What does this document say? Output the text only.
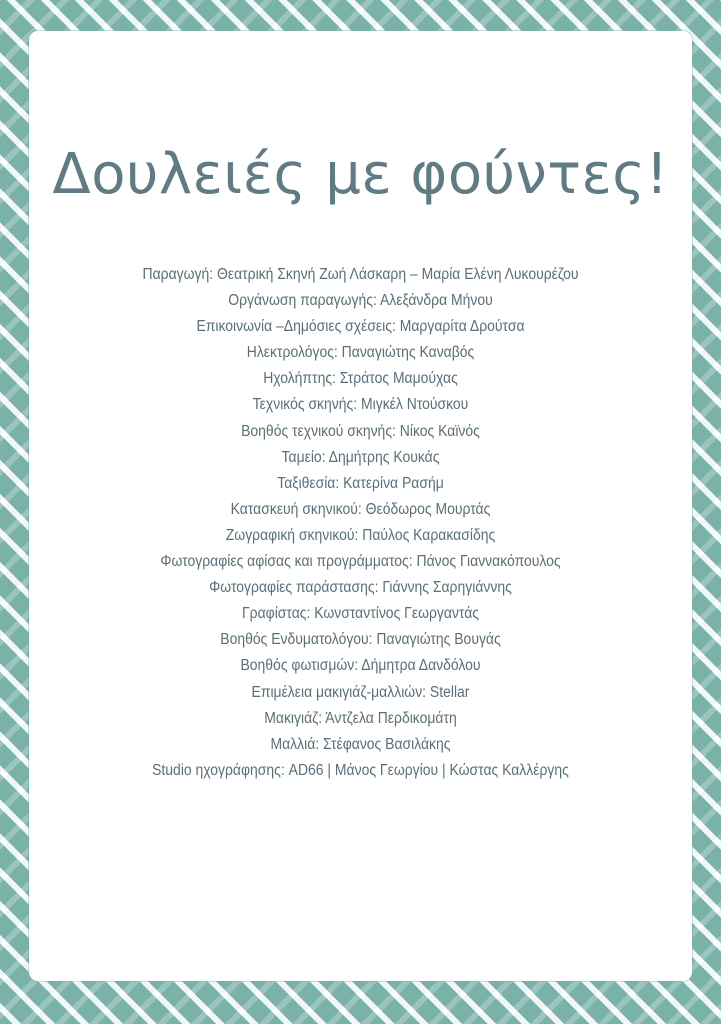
Δουλειές με φούντες!
Παραγωγή: Θεατρική Σκηνή Ζωή Λάσκαρη – Μαρία Ελένη Λυκουρέζου
Οργάνωση παραγωγής: Αλεξάνδρα Μήνου
Επικοινωνία –Δημόσιες σχέσεις: Μαργαρίτα Δρούτσα
Ηλεκτρολόγος: Παναγιώτης Καναβός
Ηχολήπτης: Στράτος Μαμούχας
Τεχνικός σκηνής: Μιγκέλ Ντούσκου
Βοηθός τεχνικού σκηνής: Νίκος Καϊνός
Ταμείο: Δημήτρης Κουκάς
Ταξιθεσία: Κατερίνα Ρασήμ
Κατασκευή σκηνικού: Θεόδωρος Μουρτάς
Ζωγραφική σκηνικού: Παύλος Καρακασίδης
Φωτογραφίες αφίσας και προγράμματος: Πάνος Γιαννακόπουλος
Φωτογραφίες παράστασης: Γιάννης Σαρηγιάννης
Γραφίστας: Κωνσταντίνος Γεωργαντάς
Βοηθός Ενδυματολόγου: Παναγιώτης Βουγάς
Βοηθός φωτισμών: Δήμητρα Δανδόλου
Επιμέλεια μακιγιάζ-μαλλιών: Stellar
Μακιγιάζ: Άντζελα Περδικομάτη
Μαλλιά: Στέφανος Βασιλάκης
Studio ηχογράφησης: AD66 | Μάνος Γεωργίου | Κώστας Καλλέργης
